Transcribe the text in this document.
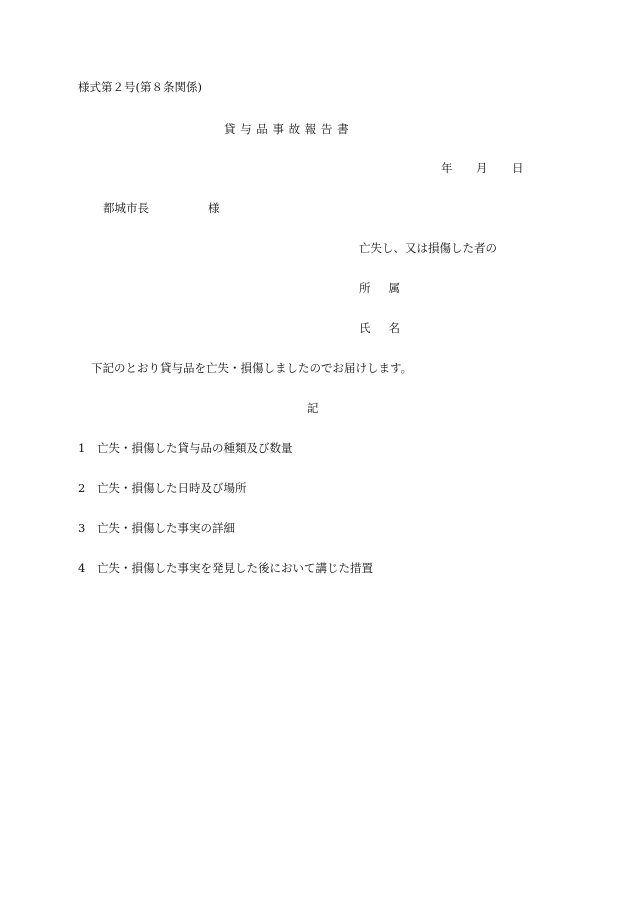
様式第２号(第８条関係)
貸 与 品 事 故 報 告 書
年 月 日
都城市長	様
亡失し、又は損傷した者の
所 属
氏 名
下記のとおり貸与品を亡失・損傷しましたのでお届けします。
記
1 亡失・損傷した貸与品の種類及び数量
2 亡失・損傷した日時及び場所
3 亡失・損傷した事実の詳細
4 亡失・損傷した事実を発見した後において講じた措置
